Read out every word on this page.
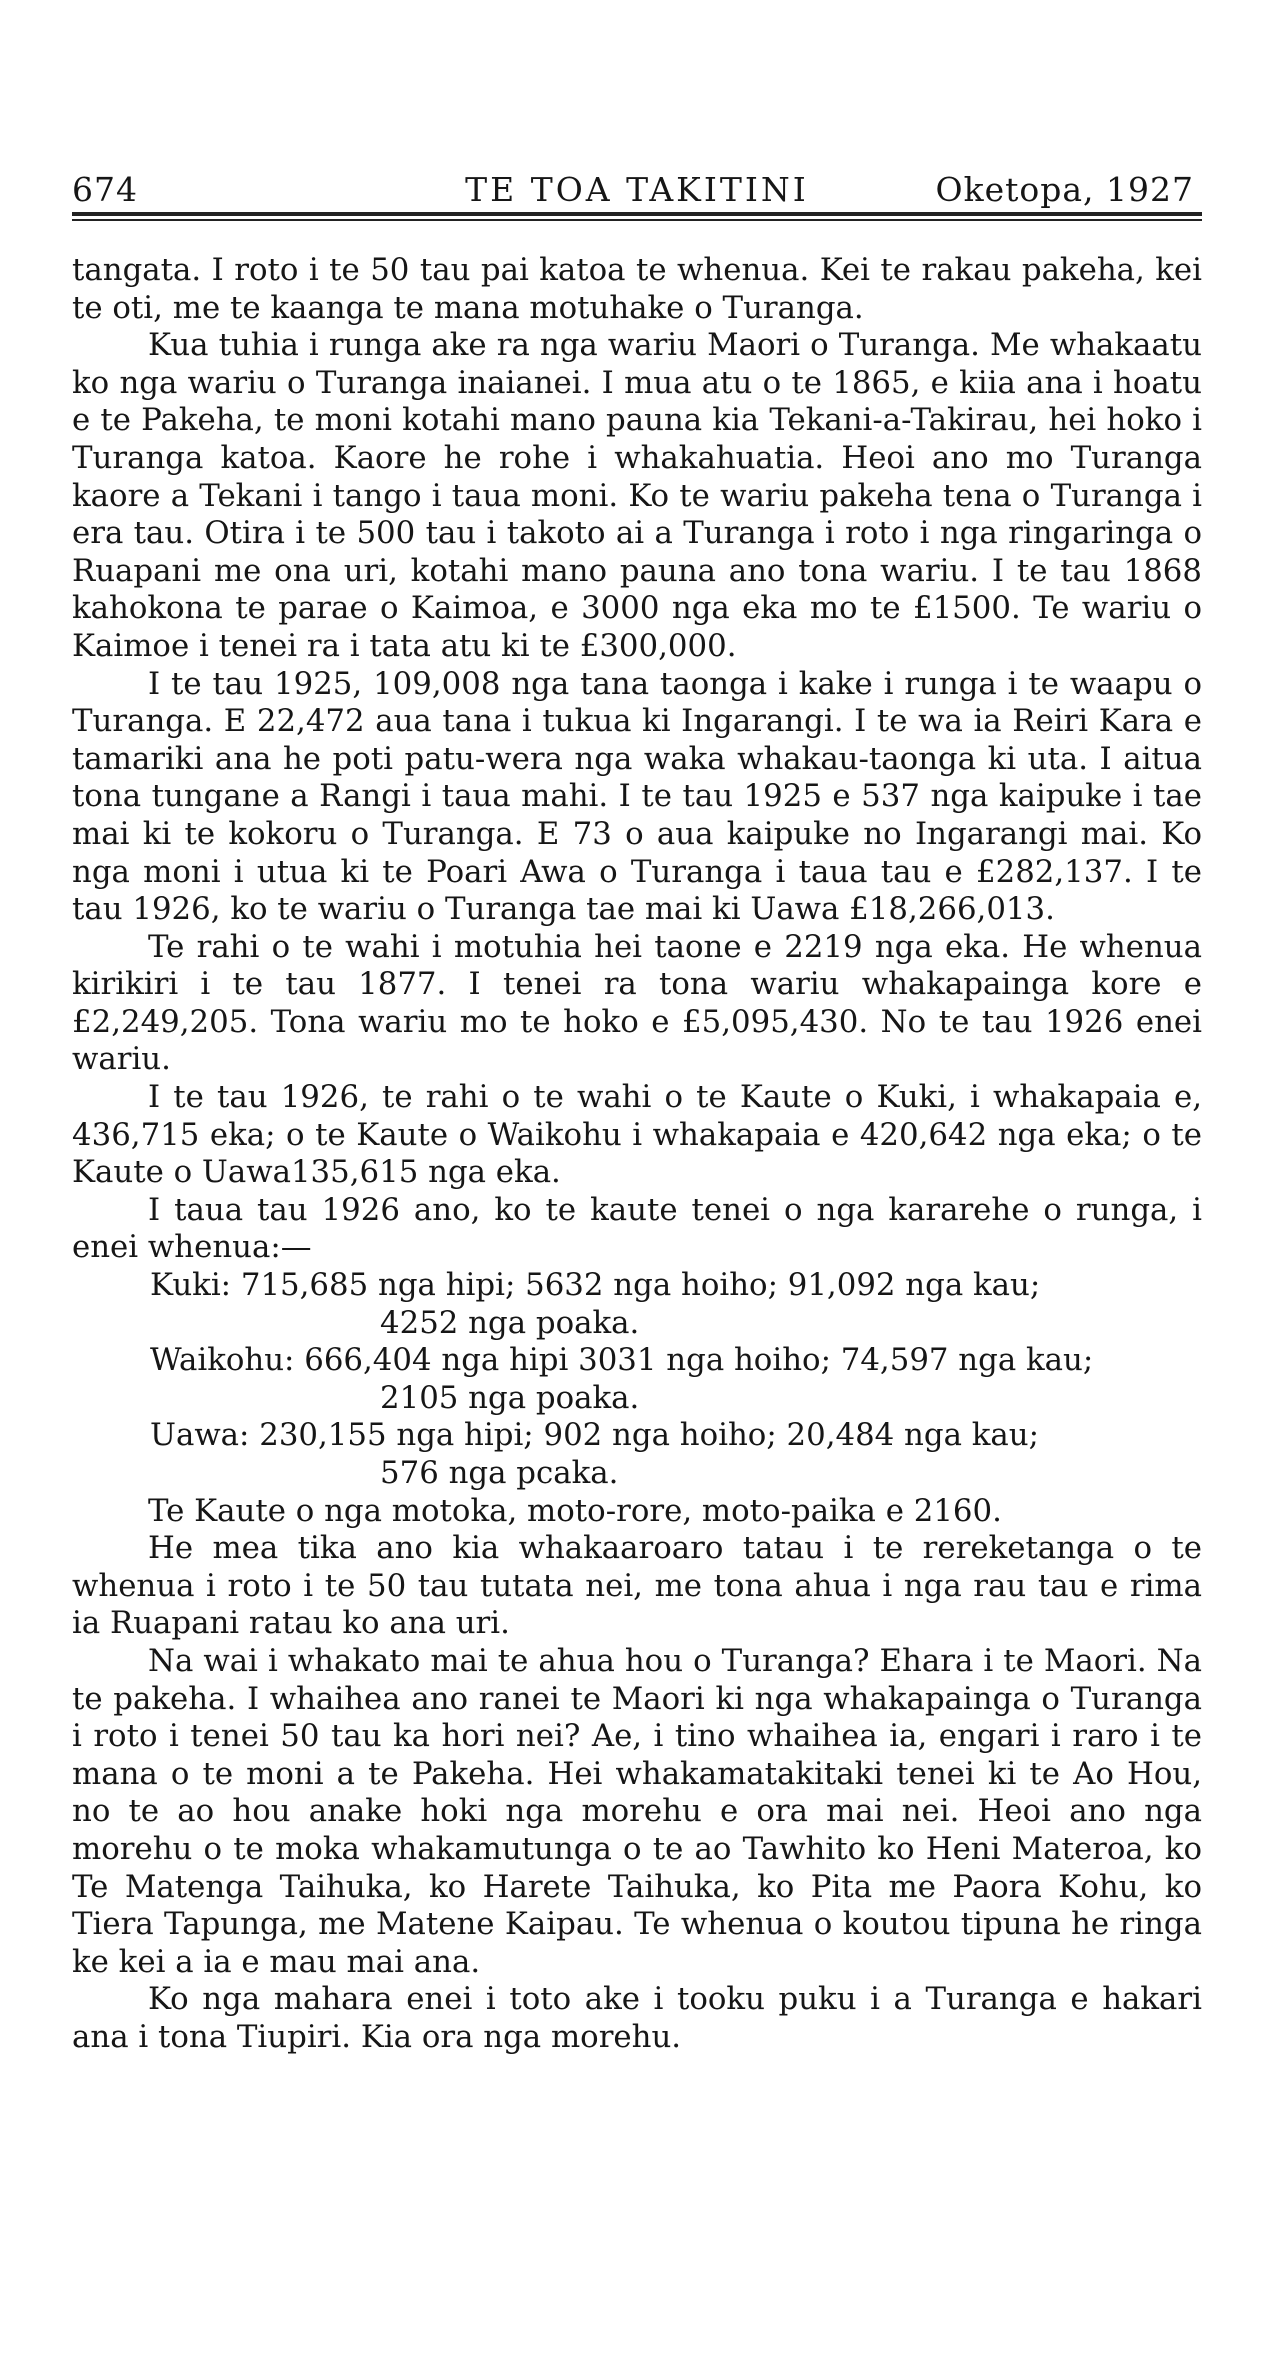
674	TE TOA TAKITINI	Oketopa, 1927

tangata. I roto i te 50 tau pai katoa te whenua. Kei te rakau pakeha, kei te oti, me te kaanga te mana motuhake o Turanga.

Kua tuhia i runga ake ra nga wariu Maori o Turanga. Me whakaatu ko nga wariu o Turanga inaianei. I mua atu o te 1865, e kiia ana i hoatu e te Pakeha, te moni kotahi mano pauna kia Tekani-a-Takirau, hei hoko i Turanga katoa. Kaore he rohe i whakahuatia. Heoi ano mo Turanga kaore a Tekani i tango i taua moni. Ko te wariu pakeha tena o Turanga i era tau. Otira i te 500 tau i takoto ai a Turanga i roto i nga ringaringa o Ruapani me ona uri, kotahi mano pauna ano tona wariu. I te tau 1868 kahokona te parae o Kaimoa, e 3000 nga eka mo te £1500. Te wariu o Kaimoe i tenei ra i tata atu ki te £300,000.

I te tau 1925, 109,008 nga tana taonga i kake i runga i te waapu o Turanga. E 22,472 aua tana i tukua ki Ingarangi. I te wa ia Reiri Kara e tamariki ana he poti patu-wera nga waka whakau-taonga ki uta. I aitua tona tungane a Rangi i taua mahi. I te tau 1925 e 537 nga kaipuke i tae mai ki te kokoru o Turanga. E 73 o aua kaipuke no Ingarangi mai. Ko nga moni i utua ki te Poari Awa o Turanga i taua tau e £282,137. I te tau 1926, ko te wariu o Turanga tae mai ki Uawa £18,266,013.

Te rahi o te wahi i motuhia hei taone e 2219 nga eka. He whenua kirikiri i te tau 1877. I tenei ra tona wariu whakapainga kore e £2,249,205. Tona wariu mo te hoko e £5,095,430. No te tau 1926 enei wariu.

I te tau 1926, te rahi o te wahi o te Kaute o Kuki, i whakapaia e, 436,715 eka; o te Kaute o Waikohu i whakapaia e 420,642 nga eka; o te Kaute o Uawa135,615 nga eka.

I taua tau 1926 ano, ko te kaute tenei o nga kararehe o runga, i enei whenua:—

Kuki: 715,685 nga hipi; 5632 nga hoiho; 91,092 nga kau;
4252 nga poaka.
Waikohu: 666,404 nga hipi 3031 nga hoiho; 74,597 nga kau;
2105 nga poaka.
Uawa: 230,155 nga hipi; 902 nga hoiho; 20,484 nga kau;
576 nga pcaka.

Te Kaute o nga motoka, moto-rore, moto-paika e 2160.

He mea tika ano kia whakaaroaro tatau i te rereketanga o te whenua i roto i te 50 tau tutata nei, me tona ahua i nga rau tau e rima ia Ruapani ratau ko ana uri.

Na wai i whakato mai te ahua hou o Turanga? Ehara i te Maori. Na te pakeha. I whaihea ano ranei te Maori ki nga whakapainga o Turanga i roto i tenei 50 tau ka hori nei? Ae, i tino whaihea ia, engari i raro i te mana o te moni a te Pakeha. Hei whakamatakitaki tenei ki te Ao Hou, no te ao hou anake hoki nga morehu e ora mai nei. Heoi ano nga morehu o te moka whakamutunga o te ao Tawhito ko Heni Materoa, ko Te Matenga Taihuka, ko Harete Taihuka, ko Pita me Paora Kohu, ko Tiera Tapunga, me Matene Kaipau. Te whenua o koutou tipuna he ringa ke kei a ia e mau mai ana.

Ko nga mahara enei i toto ake i tooku puku i a Turanga e hakari ana i tona Tiupiri. Kia ora nga morehu.
